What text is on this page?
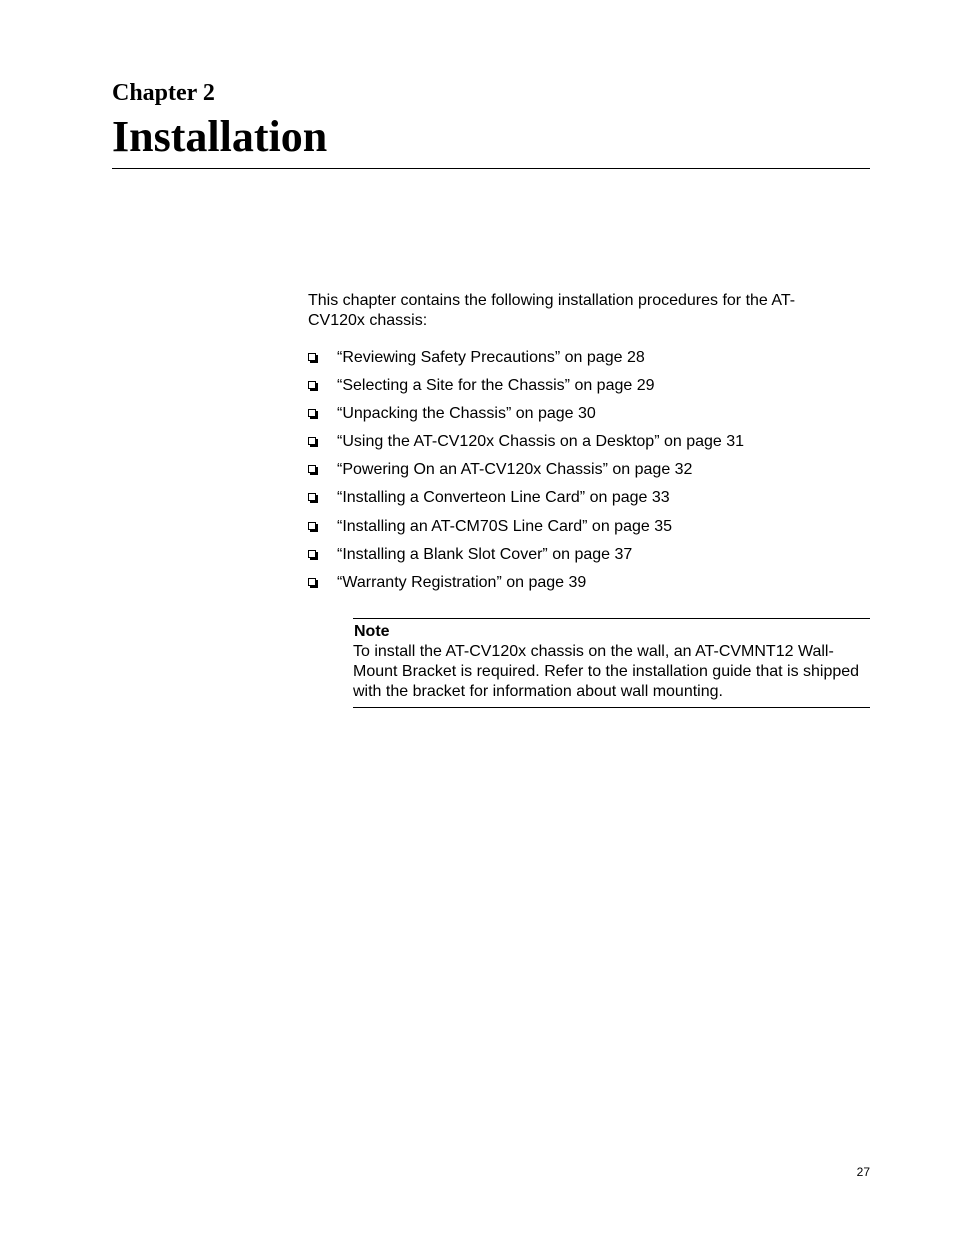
Chapter 2
Installation

This chapter contains the following installation procedures for the AT-CV120x chassis:

“Reviewing Safety Precautions” on page 28
“Selecting a Site for the Chassis” on page 29
“Unpacking the Chassis” on page 30
“Using the AT-CV120x Chassis on a Desktop” on page 31
“Powering On an AT-CV120x Chassis” on page 32
“Installing a Converteon Line Card” on page 33
“Installing an AT-CM70S Line Card” on page 35
“Installing a Blank Slot Cover” on page 37
“Warranty Registration” on page 39

Note

To install the AT-CV120x chassis on the wall, an AT-CVMNT12 Wall-Mount Bracket is required. Refer to the installation guide that is shipped with the bracket for information about wall mounting.

27
